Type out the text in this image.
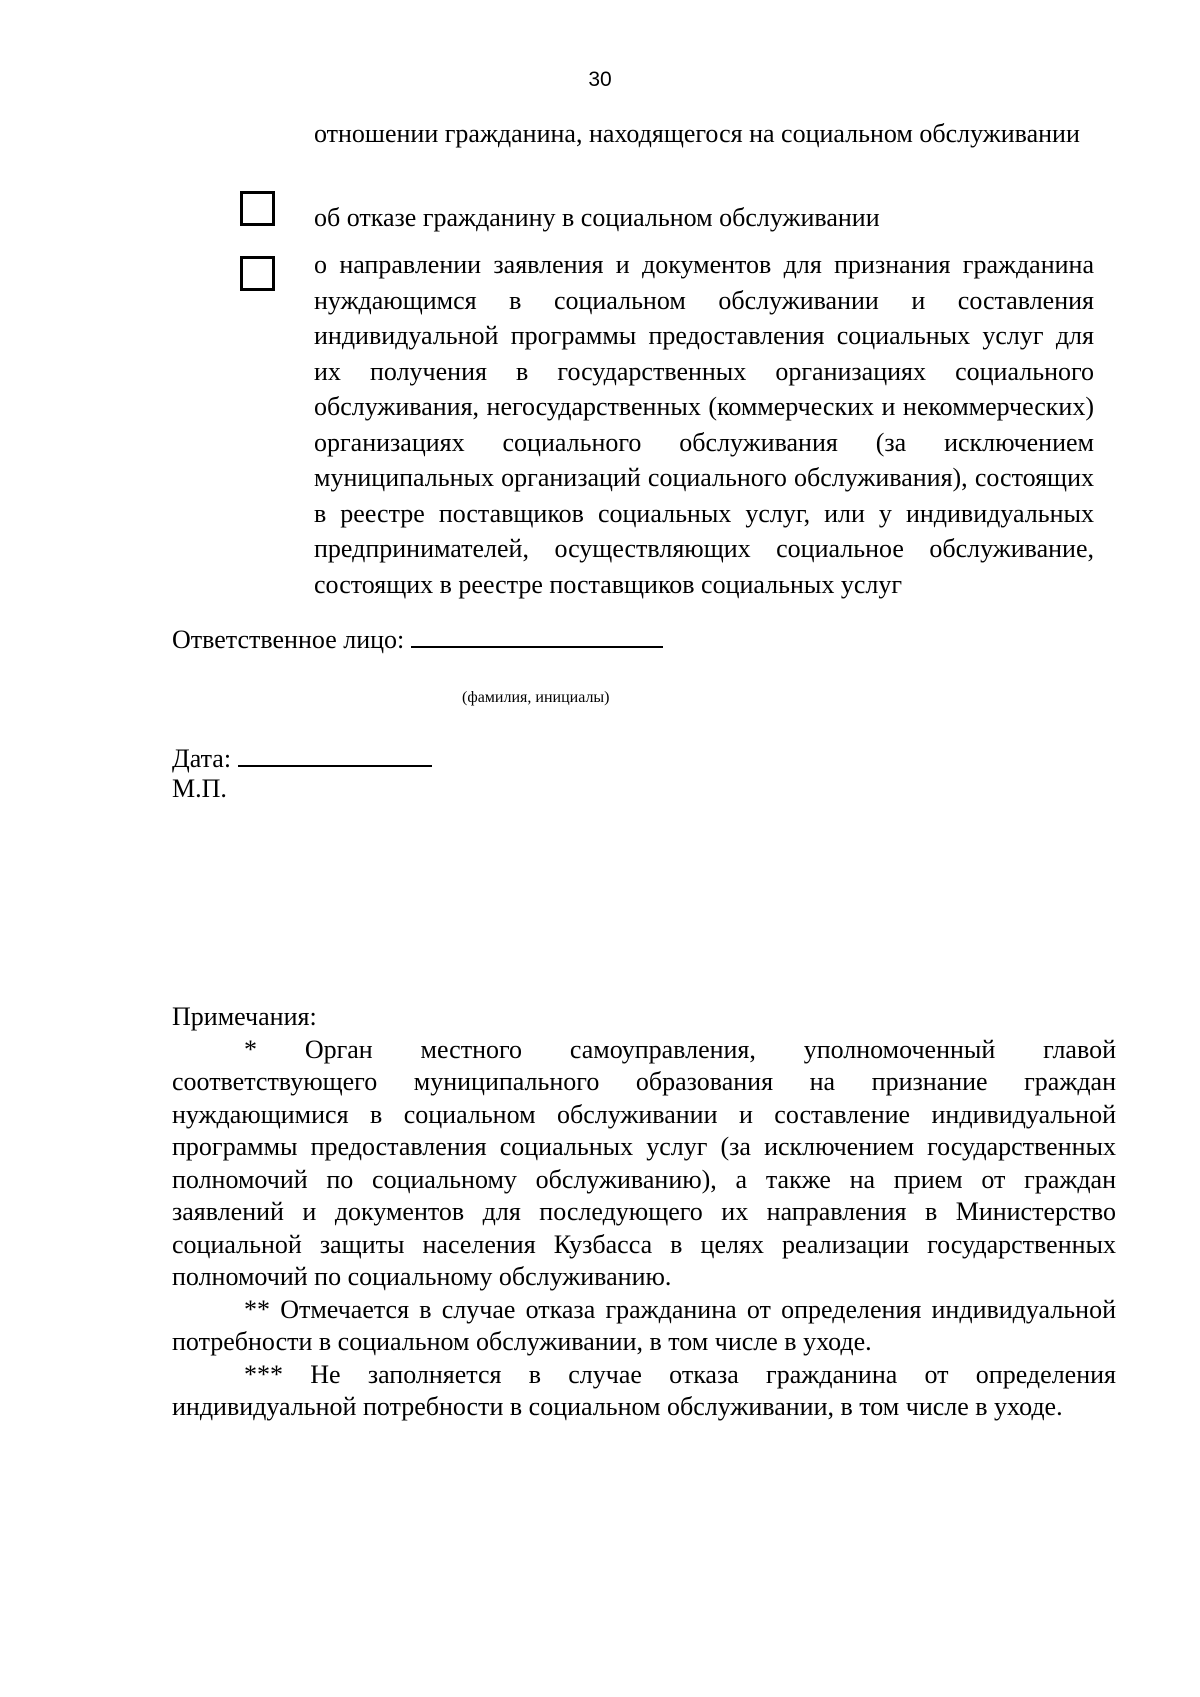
30
отношении гражданина, находящегося на социальном обслуживании
об отказе гражданину в социальном обслуживании
о направлении заявления и документов для признания гражданина нуждающимся в социальном обслуживании и составления индивидуальной программы предоставления социальных услуг для их получения в государственных организациях социального обслуживания, негосударственных (коммерческих и некоммерческих) организациях социального обслуживания (за исключением муниципальных организаций социального обслуживания), состоящих в реестре поставщиков социальных услуг, или у индивидуальных предпринимателей, осуществляющих социальное обслуживание, состоящих в реестре поставщиков социальных услуг
Ответственное лицо:
(фамилия, инициалы)
Дата:
М.П.

Примечания:

* Орган местного самоуправления, уполномоченный главой соответствующего муниципального образования на признание граждан нуждающимися в социальном обслуживании и составление индивидуальной программы предоставления социальных услуг (за исключением государственных полномочий по социальному обслуживанию), а также на прием от граждан заявлений и документов для последующего их направления в Министерство социальной защиты населения Кузбасса в целях реализации государственных полномочий по социальному обслуживанию.

** Отмечается в случае отказа гражданина от определения индивидуальной потребности в социальном обслуживании, в том числе в уходе.

*** Не заполняется в случае отказа гражданина от определения индивидуальной потребности в социальном обслуживании, в том числе в уходе.
